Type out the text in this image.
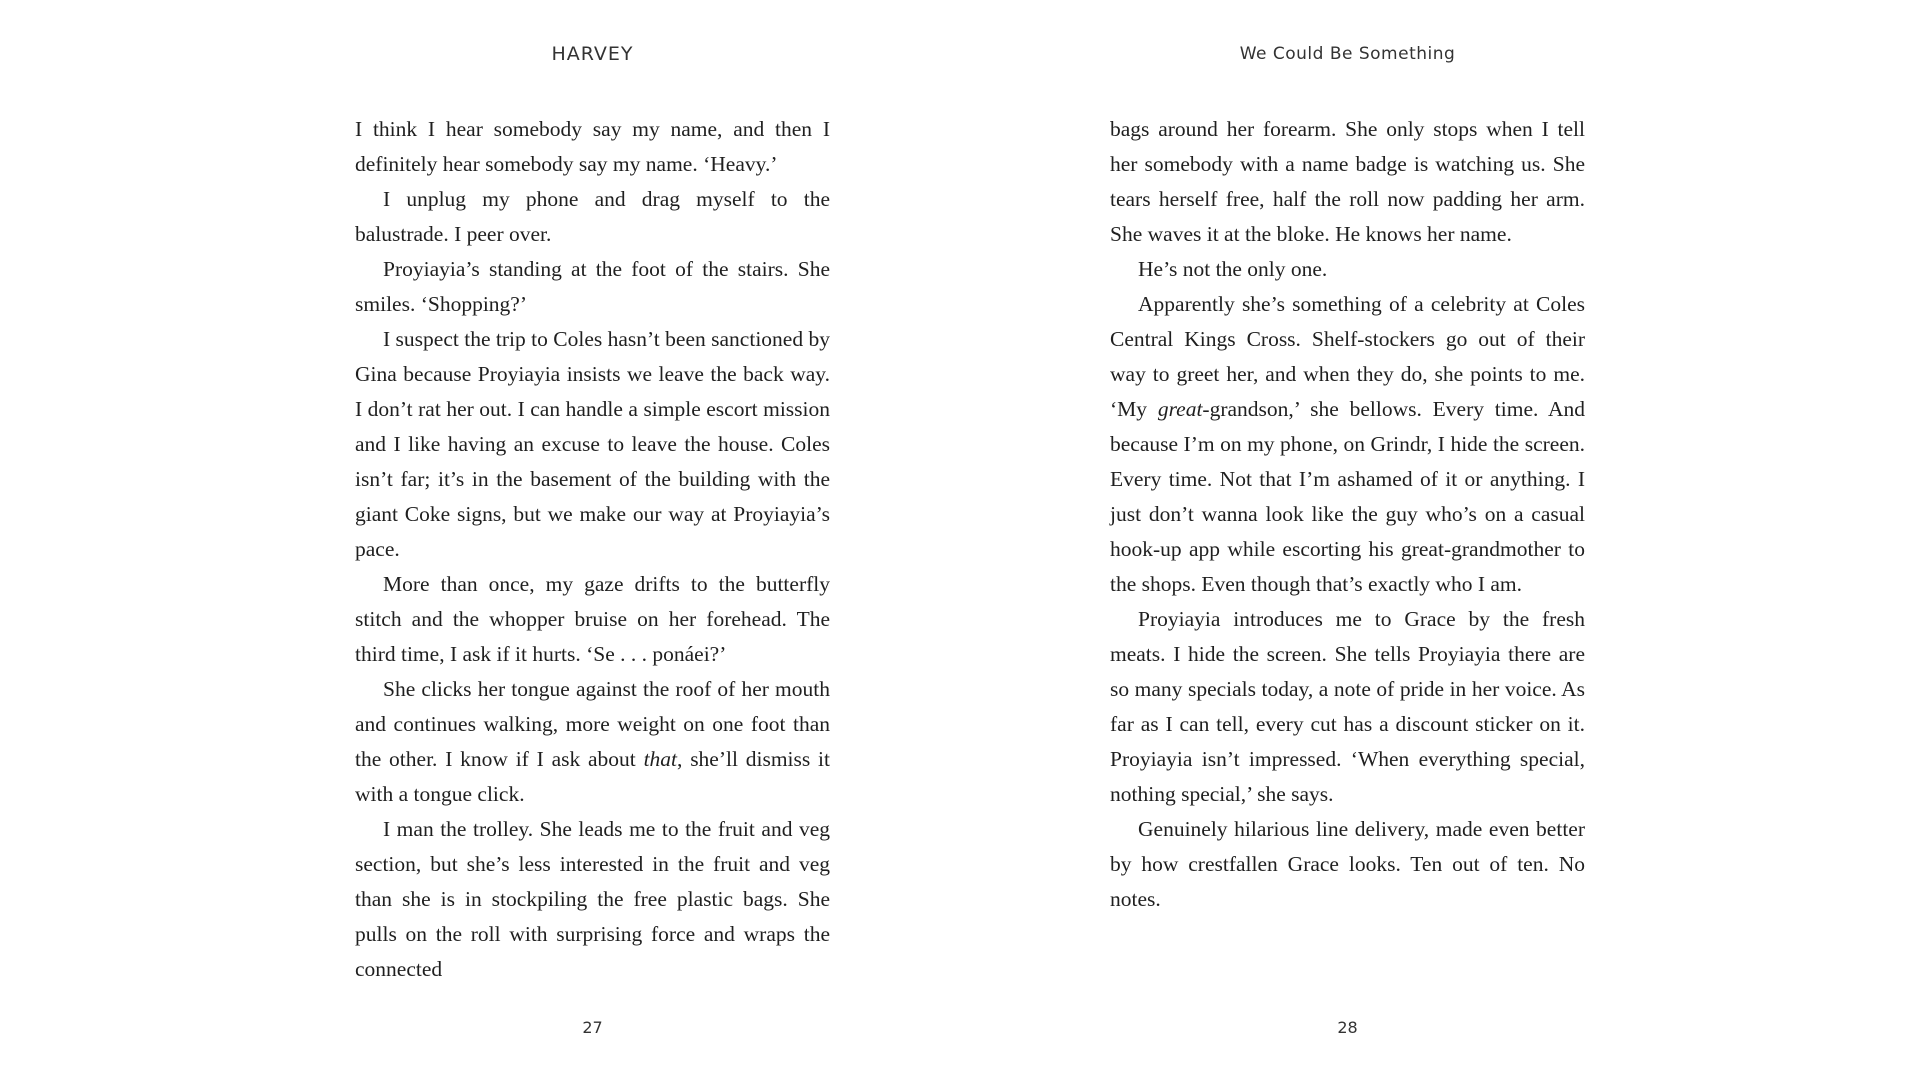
HARVEY

I think I hear somebody say my name, and then I definitely hear somebody say my name. ‘Heavy.’

I unplug my phone and drag myself to the balustrade. I peer over.

Proyiayia’s standing at the foot of the stairs. She smiles. ‘Shopping?’

I suspect the trip to Coles hasn’t been sanctioned by Gina because Proyiayia insists we leave the back way. I don’t rat her out. I can handle a simple escort mission and I like having an excuse to leave the house. Coles isn’t far; it’s in the basement of the building with the giant Coke signs, but we make our way at Proyiayia’s pace.

More than once, my gaze drifts to the butterfly stitch and the whopper bruise on her forehead. The third time, I ask if it hurts. ‘Se . . . ponáei?’

She clicks her tongue against the roof of her mouth and continues walking, more weight on one foot than the other. I know if I ask about that, she’ll dismiss it with a tongue click.

I man the trolley. She leads me to the fruit and veg section, but she’s less interested in the fruit and veg than she is in stockpiling the free plastic bags. She pulls on the roll with surprising force and wraps the connected

27
We Could Be Something

bags around her forearm. She only stops when I tell her somebody with a name badge is watching us. She tears herself free, half the roll now padding her arm. She waves it at the bloke. He knows her name.

He’s not the only one.

Apparently she’s something of a celebrity at Coles Central Kings Cross. Shelf-stockers go out of their way to greet her, and when they do, she points to me. ‘My great-grandson,’ she bellows. Every time. And because I’m on my phone, on Grindr, I hide the screen. Every time. Not that I’m ashamed of it or anything. I just don’t wanna look like the guy who’s on a casual hook-up app while escorting his great-grandmother to the shops. Even though that’s exactly who I am.

Proyiayia introduces me to Grace by the fresh meats. I hide the screen. She tells Proyiayia there are so many specials today, a note of pride in her voice. As far as I can tell, every cut has a discount sticker on it. Proyiayia isn’t impressed. ‘When everything special, nothing special,’ she says.

Genuinely hilarious line delivery, made even better by how crestfallen Grace looks. Ten out of ten. No notes.

28
